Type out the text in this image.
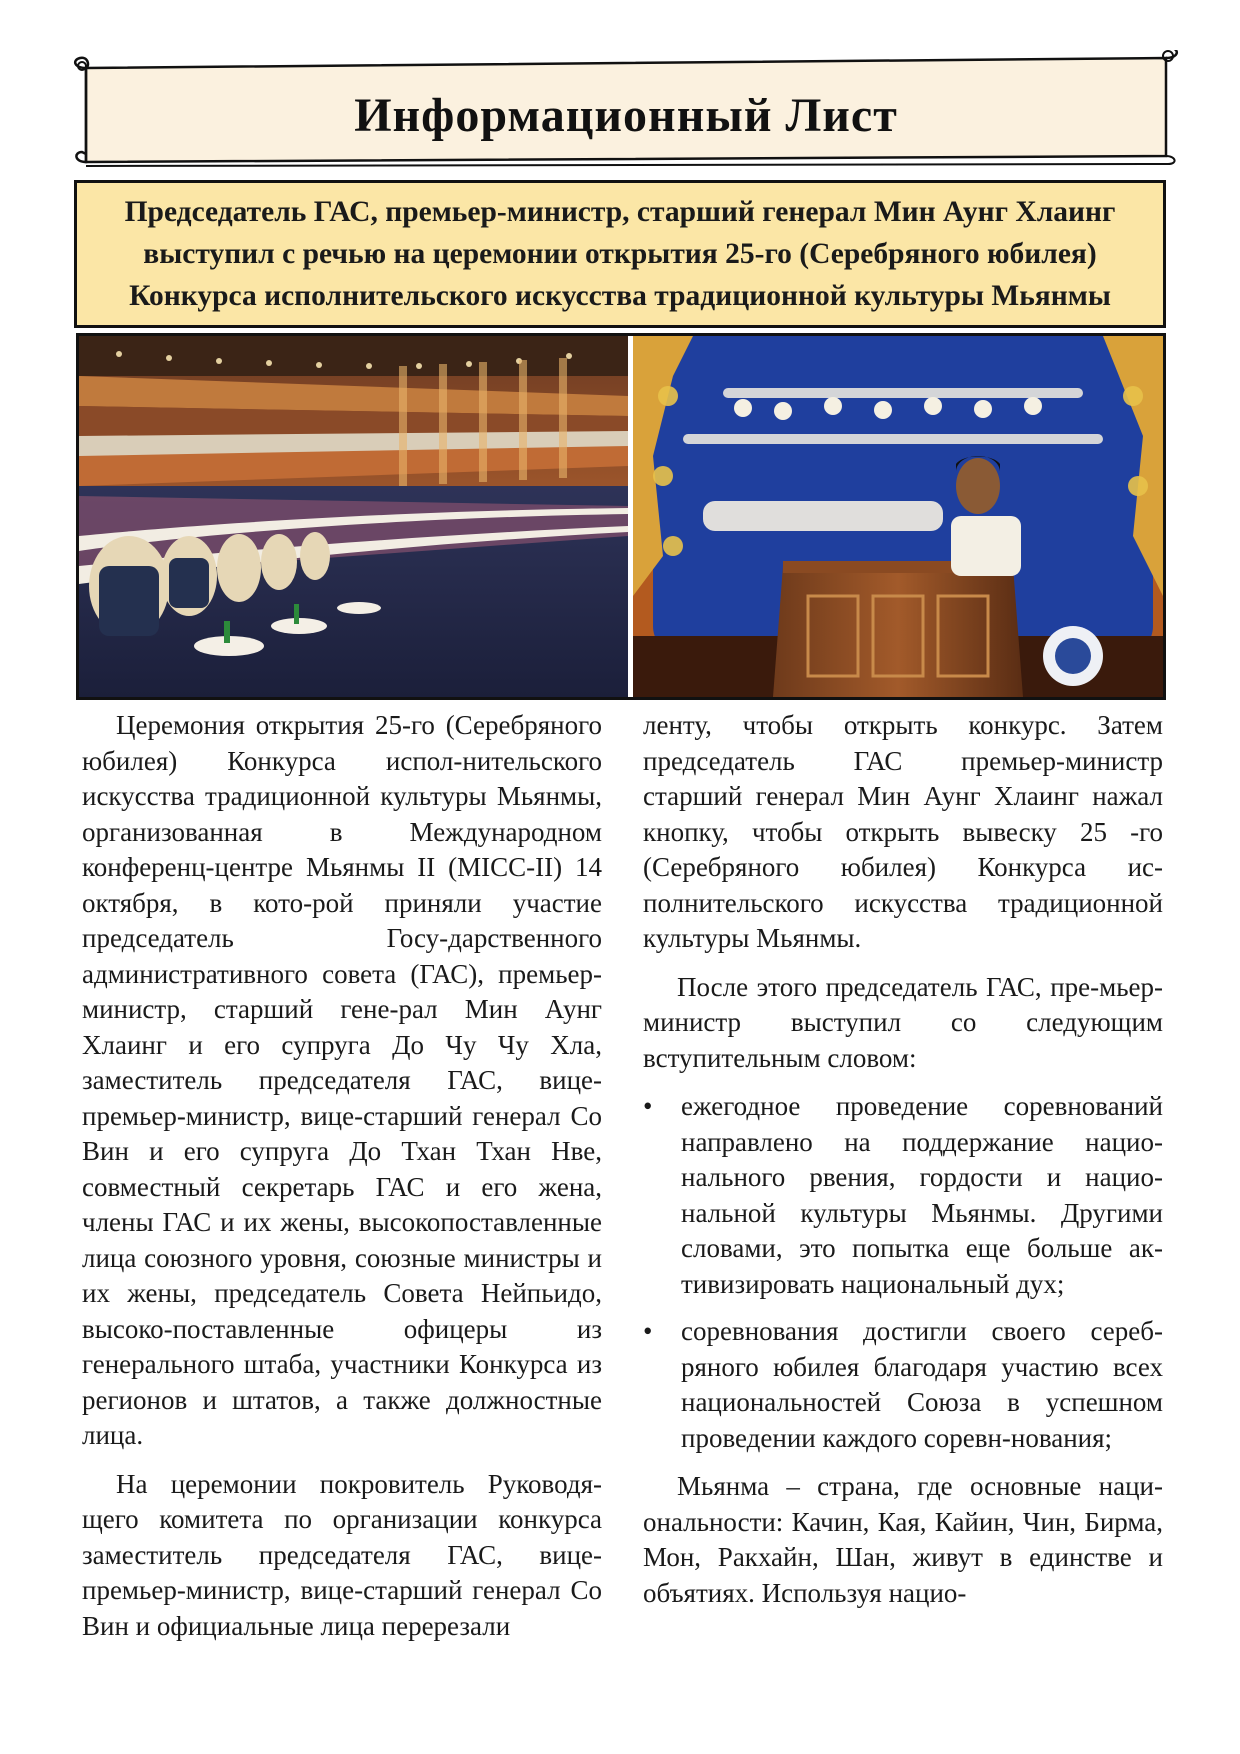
Информационный Лист
Председатель ГАС, премьер-министр, старший генерал Мин Аунг Хлаинг выступил с речью на церемонии открытия 25-го (Серебряного юбилея) Конкурса исполнительского искусства традиционной культуры Мьянмы

Церемония открытия 25-го (Серебряного юбилея) Конкурса испол-нительского искусства традиционной культуры Мьянмы, организованная в Международном конференц-центре Мьянмы II (MICC-II) 14 октября, в кото-рой приняли участие председатель Госу-дарственного административного совета (ГАС), премьер-министр, старший гене-рал Мин Аунг Хлаинг и его супруга До Чу Чу Хла, заместитель председателя ГАС, вице-премьер-министр, вице-старший генерал Со Вин и его супруга До Тхан Тхан Нве, совместный секретарь ГАС и его жена, члены ГАС и их жены, высокопоставленные лица союзного уровня, союзные министры и их жены, председатель Совета Нейпьидо, высоко-поставленные офицеры из генерального штаба, участники Конкурса из регионов и штатов, а также должностные лица.

На церемонии покровитель Руководя-щего комитета по организации конкурса заместитель председателя ГАС, вице-премьер-министр, вице-старший генерал Со Вин и официальные лица перерезали

ленту, чтобы открыть конкурс. Затем председатель ГАС премьер-министр старший генерал Мин Аунг Хлаинг нажал кнопку, чтобы открыть вывеску 25 -го (Серебряного юбилея) Конкурса ис-полнительского искусства традиционной культуры Мьянмы.

После этого председатель ГАС, пре-мьер-министр выступил со следующим вступительным словом:

• ежегодное проведение соревнований направлено на поддержание нацио-нального рвения, гордости и нацио-нальной культуры Мьянмы. Другими словами, это попытка еще больше ак-тивизировать национальный дух;
• соревнования достигли своего сереб-ряного юбилея благодаря участию всех национальностей Союза в успешном проведении каждого соревн-нования;

Мьянма – страна, где основные наци-ональности: Качин, Кая, Кайин, Чин, Бирма, Мон, Ракхайн, Шан, живут в единстве и объятиях. Используя нацио-
